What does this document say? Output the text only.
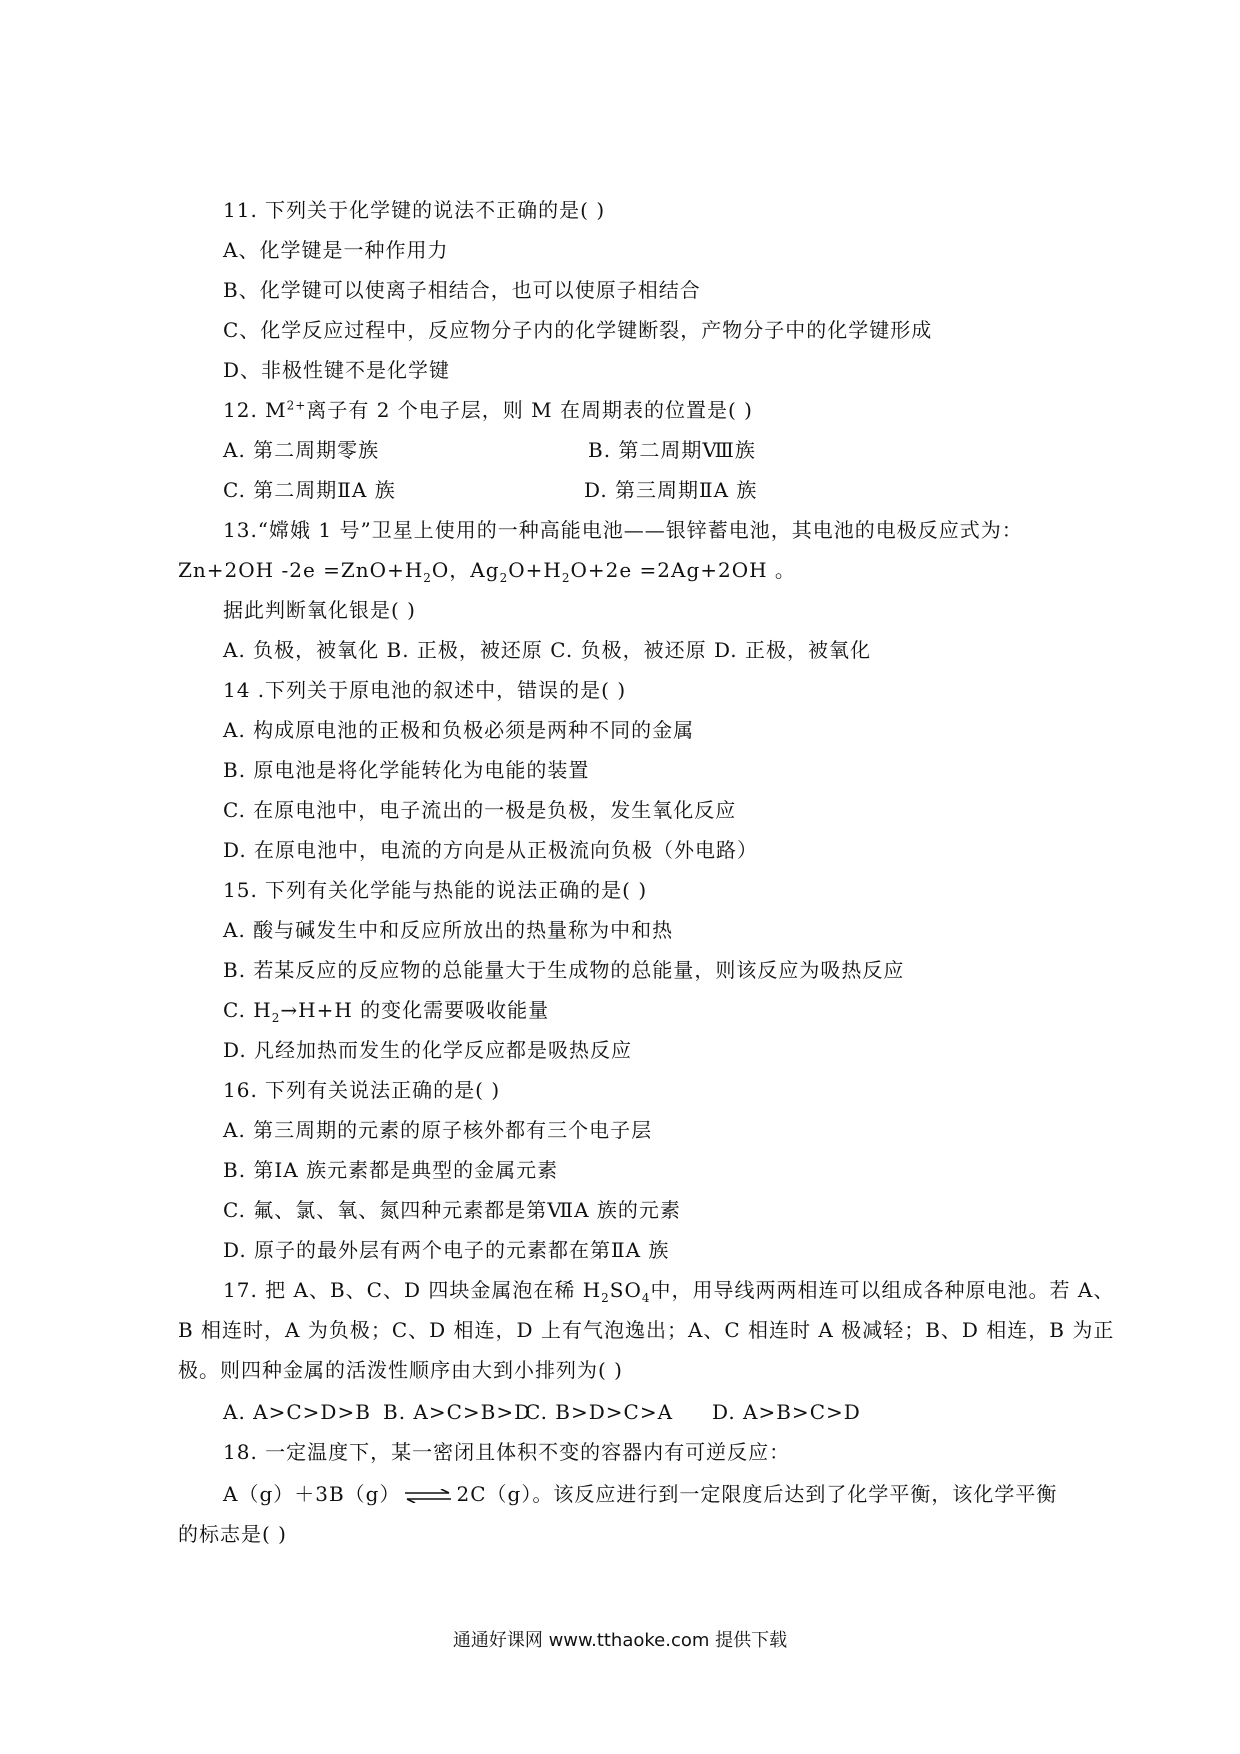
11. 下列关于化学键的说法不正确的是( )
A、化学键是一种作用力
B、化学键可以使离子相结合，也可以使原子相结合
C、化学反应过程中，反应物分子内的化学键断裂，产物分子中的化学键形成
D、非极性键不是化学键
12. $M^{2+}$离子有 2 个电子层，则 M 在周期表的位置是( )
A. 第二周期零族	B. 第二周期Ⅷ族
C. 第二周期ⅡA 族	D. 第三周期ⅡA 族
13.“嫦娥 1 号”卫星上使用的一种高能电池——银锌蓄电池，其电池的电极反应式为：
Zn+2OH $-2e =ZnO+H_2O$，$Ag_2O+H_2O+2e =2Ag+2OH$ 。
据此判断氧化银是( )
A. 负极，被氧化 B. 正极，被还原 C. 负极，被还原 D. 正极，被氧化
14 .下列关于原电池的叙述中，错误的是( )
A. 构成原电池的正极和负极必须是两种不同的金属
B. 原电池是将化学能转化为电能的装置
C. 在原电池中，电子流出的一极是负极，发生氧化反应
D. 在原电池中，电流的方向是从正极流向负极（外电路）
15. 下列有关化学能与热能的说法正确的是( )
A. 酸与碱发生中和反应所放出的热量称为中和热
B. 若某反应的反应物的总能量大于生成物的总能量，则该反应为吸热反应
C. $H_2\to H+H$ 的变化需要吸收能量
D. 凡经加热而发生的化学反应都是吸热反应
16. 下列有关说法正确的是( )
A. 第三周期的元素的原子核外都有三个电子层
B. 第ⅠA 族元素都是典型的金属元素
C. 氟、氯、氧、氮四种元素都是第ⅦA 族的元素
D. 原子的最外层有两个电子的元素都在第ⅡA 族
17. 把 A、B、C、D 四块金属泡在稀 $H_2SO_4$中，用导线两两相连可以组成各种原电池。若 A、
B 相连时，A 为负极；C、D 相连，D 上有气泡逸出；A、C 相连时 A 极减轻；B、D 相连，B 为正
极。则四种金属的活泼性顺序由大到小排列为( )
A. A>C>D>B B. A>C>B>D
C. B>D>C>A D. A>B>C>D
18. 一定温度下，某一密闭且体积不变的容器内有可逆反应：
A（g）＋3B（g） ⇌ 2C（g）。该反应进行到一定限度后达到了化学平衡，该化学平衡
的标志是( )
通通好课网 www.tthaoke.com 提供下载
